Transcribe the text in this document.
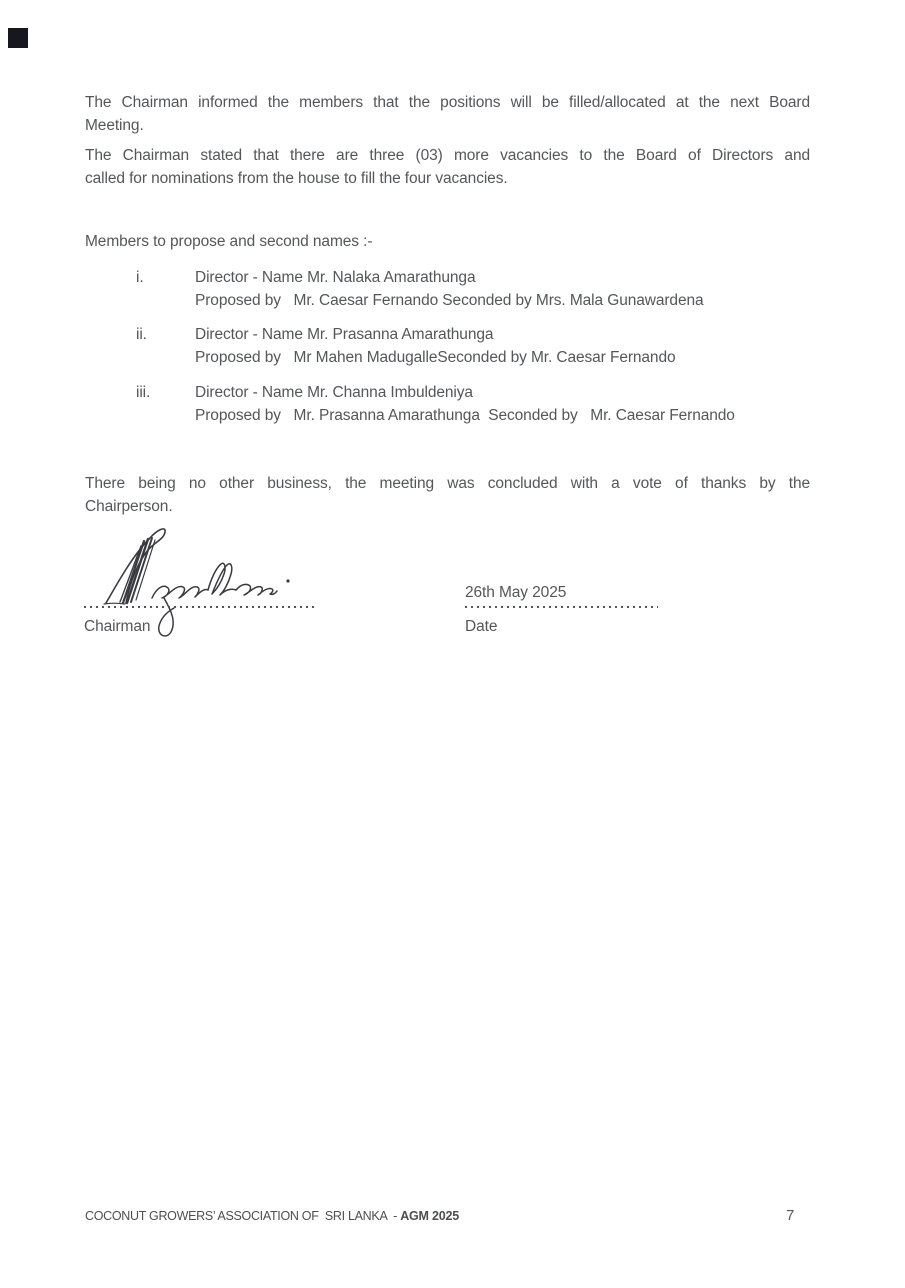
The Chairman informed the members that the positions will be filled/allocated at the next Board
Meeting.
The Chairman stated that there are three (03) more vacancies to the Board of Directors and
called for nominations from the house to fill the four vacancies.
Members to propose and second names :-
i.	Director - Name Mr. Nalaka Amarathunga
Proposed by   Mr. Caesar Fernando Seconded by Mrs. Mala Gunawardena
ii.	Director - Name Mr. Prasanna Amarathunga
Proposed by   Mr Mahen MadugalleSeconded by Mr. Caesar Fernando
iii.	Director - Name Mr. Channa Imbuldeniya
Proposed by   Mr. Prasanna Amarathunga  Seconded by   Mr. Caesar Fernando
There being no other business, the meeting was concluded with a vote of thanks by the
Chairperson.
26th May 2025
Chairman	Date
COCONUT GROWERS’ ASSOCIATION OF  SRI LANKA  - AGM 2025	7
